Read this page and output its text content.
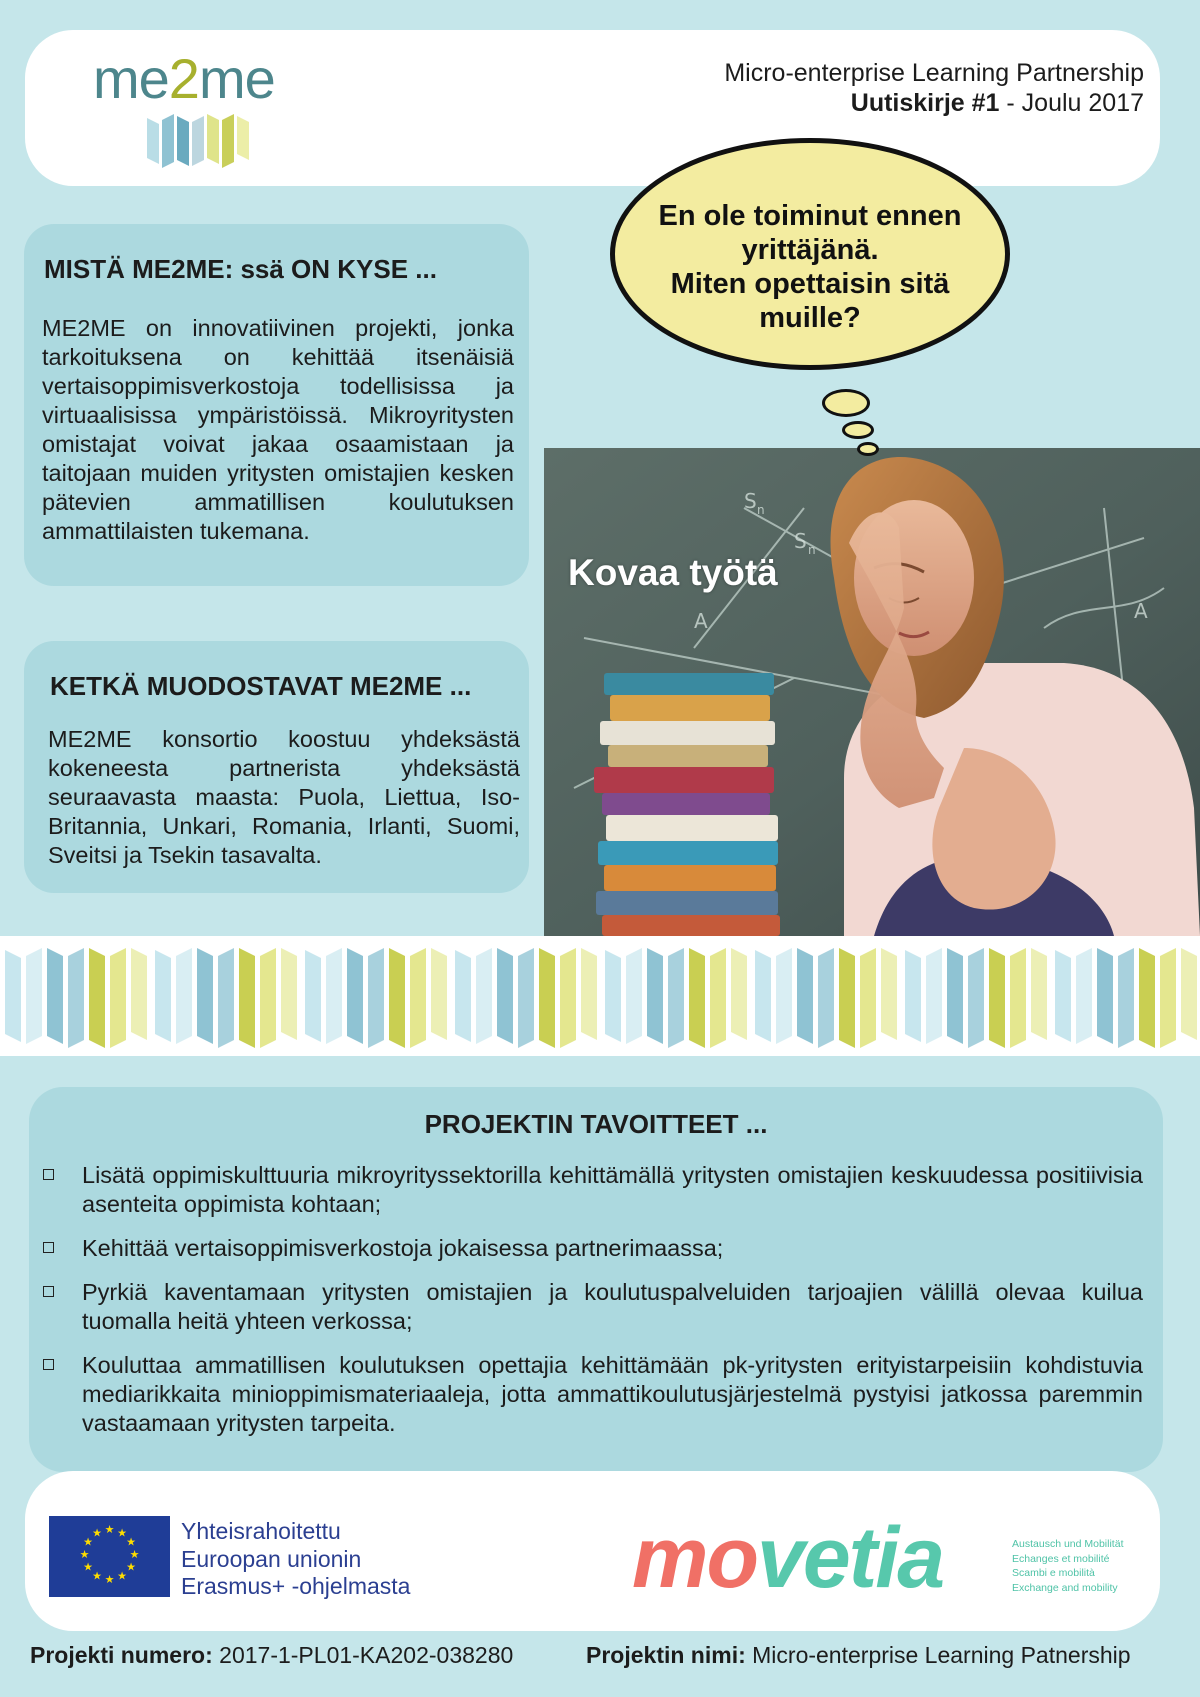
me2me	Micro-enterprise Learning Partnership
Uutiskirje #1 - Joulu 2017
MISTÄ ME2ME: ssä ON KYSE ...

ME2ME on innovatiivinen projekti, jonka tarkoituksena on kehittää itsenäisiä vertaisoppimisverkostoja todellisissa ja virtuaalisissa ympäristöissä. Mikroyritysten omistajat voivat jakaa osaamistaan ja taitojaan muiden yritysten omistajien kesken pätevien ammatillisen koulutuksen ammattilaisten tukemana.

KETKÄ MUODOSTAVAT ME2ME ...

ME2ME konsortio koostuu yhdeksästä kokeneesta partnerista yhdeksästä seuraavasta maasta: Puola, Liettua, Iso-Britannia, Unkari, Romania, Irlanti, Suomi, Sveitsi ja Tsekin tasavalta.

S n
S n
A	A
Kovaa työtä
En ole toiminut ennen
yrittäjänä.
Miten opettaisin sitä
muille?
PROJEKTIN TAVOITTEET ...
Lisätä oppimiskulttuuria mikroyrityssektorilla kehittämällä yritysten omistajien keskuudessa positiivisia asenteita oppimista kohtaan;
Kehittää vertaisoppimisverkostoja jokaisessa partnerimaassa;
Pyrkiä kaventamaan yritysten omistajien ja koulutuspalveluiden tarjoajien välillä olevaa kuilua tuomalla heitä yhteen verkossa;
Kouluttaa ammatillisen koulutuksen opettajia kehittämään pk-yritysten erityistarpeisiin kohdistuvia mediarikkaita minioppimismateriaaleja, jotta ammattikoulutusjärjestelmä pystyisi jatkossa paremmin vastaamaan yritysten tarpeita.
★ ★
★
★
★
★
★
★
★
★
★
★	Yhteisrahoitettu
Euroopan unionin
Erasmus+ -ohjelmasta	movetia	Austausch und Mobilität
Echanges et mobilité
Scambi e mobilità
Exchange and mobility
Projekti numero: 2017-1-PL01-KA202-038280	Projektin nimi: Micro-enterprise Learning Patnership
